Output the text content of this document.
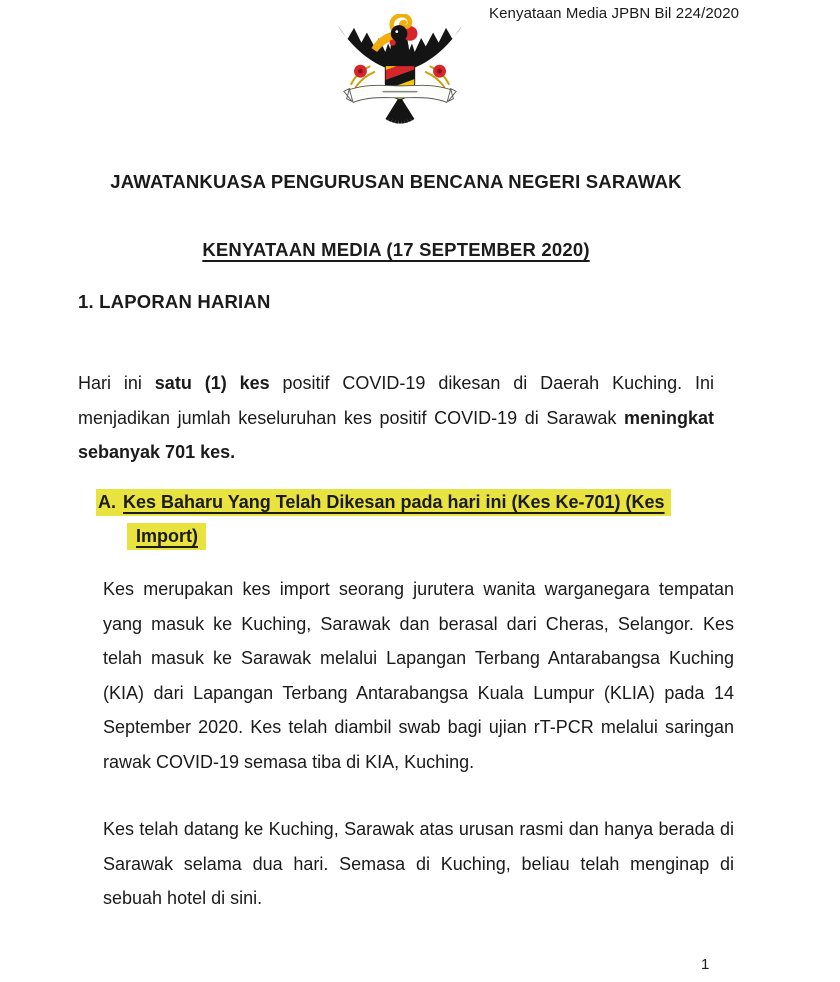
Kenyataan Media JPBN Bil 224/2020
JAWATANKUASA PENGURUSAN BENCANA NEGERI SARAWAK
KENYATAAN MEDIA (17 SEPTEMBER 2020)
1. LAPORAN HARIAN

Hari ini satu (1) kes positif COVID-19 dikesan di Daerah Kuching. Ini menjadikan jumlah keseluruhan kes positif COVID-19 di Sarawak meningkat sebanyak 701 kes.

A. Kes Baharu Yang Telah Dikesan pada hari ini (Kes Ke-701) (Kes
Import)

Kes merupakan kes import seorang jurutera wanita warganegara tempatan yang masuk ke Kuching, Sarawak dan berasal dari Cheras, Selangor. Kes telah masuk ke Sarawak melalui Lapangan Terbang Antarabangsa Kuching (KIA) dari Lapangan Terbang Antarabangsa Kuala Lumpur (KLIA) pada 14 September 2020. Kes telah diambil swab bagi ujian rT-PCR melalui saringan rawak COVID-19 semasa tiba di KIA, Kuching.

Kes telah datang ke Kuching, Sarawak atas urusan rasmi dan hanya berada di Sarawak selama dua hari. Semasa di Kuching, beliau telah menginap di sebuah hotel di sini.

1
